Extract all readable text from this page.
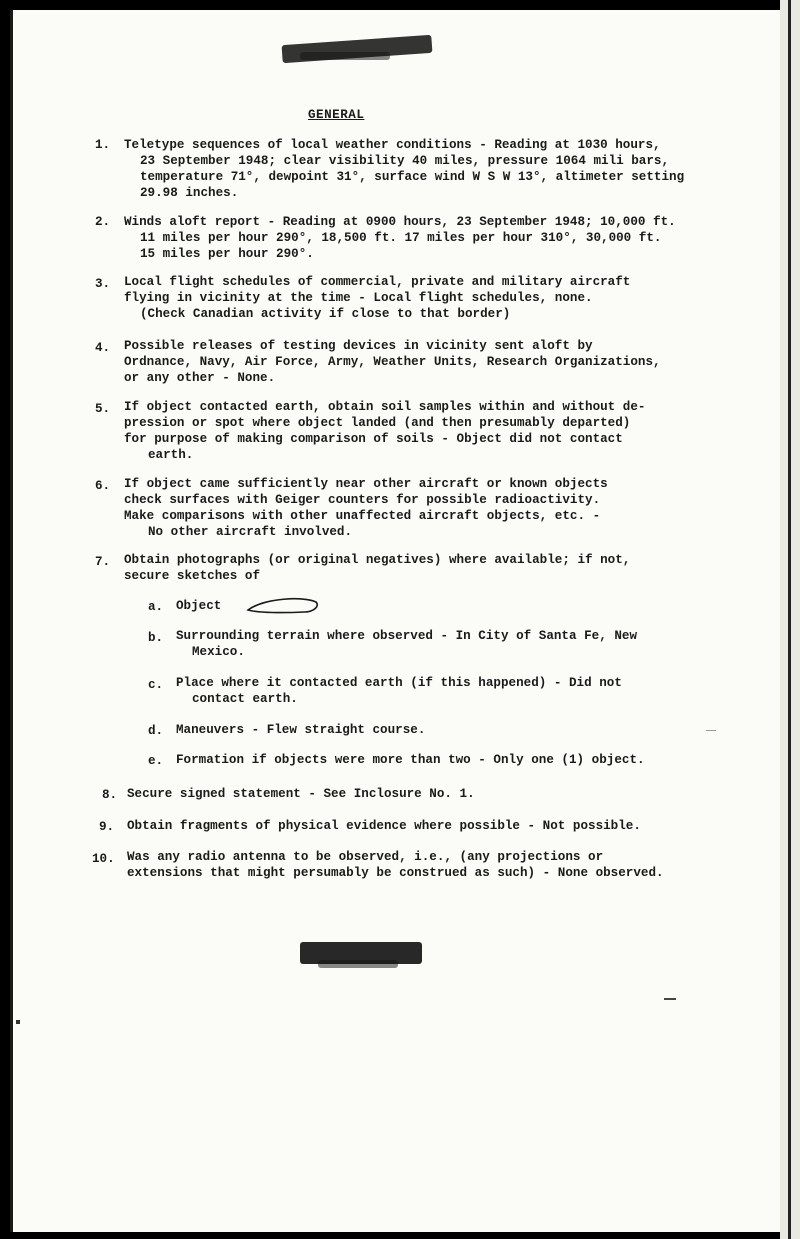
GENERAL
1. Teletype sequences of local weather conditions - Reading at 1030 hours,
23 September 1948; clear visibility 40 miles, pressure 1064 mili bars,
temperature 71°, dewpoint 31°, surface wind W S W 13°, altimeter setting
29.98 inches.
2. Winds aloft report - Reading at 0900 hours, 23 September 1948; 10,000 ft.
11 miles per hour 290°, 18,500 ft. 17 miles per hour 310°, 30,000 ft.
15 miles per hour 290°.
3. Local flight schedules of commercial, private and military aircraft
flying in vicinity at the time - Local flight schedules, none.
(Check Canadian activity if close to that border)
4. Possible releases of testing devices in vicinity sent aloft by
Ordnance, Navy, Air Force, Army, Weather Units, Research Organizations,
or any other - None.
5. If object contacted earth, obtain soil samples within and without de-
pression or spot where object landed (and then presumably departed)
for purpose of making comparison of soils - Object did not contact
earth.
6. If object came sufficiently near other aircraft or known objects
check surfaces with Geiger counters for possible radioactivity.
Make comparisons with other unaffected aircraft objects, etc. -
No other aircraft involved.
7. Obtain photographs (or original negatives) where available; if not,
secure sketches of
a. Object
b. Surrounding terrain where observed - In City of Santa Fe, New
Mexico.
c. Place where it contacted earth (if this happened) - Did not
contact earth.
d. Maneuvers - Flew straight course.
e. Formation if objects were more than two - Only one (1) object.
8. Secure signed statement - See Inclosure No. 1.
9. Obtain fragments of physical evidence where possible - Not possible.
10. Was any radio antenna to be observed, i.e., (any projections or
extensions that might persumably be construed as such) - None observed.
